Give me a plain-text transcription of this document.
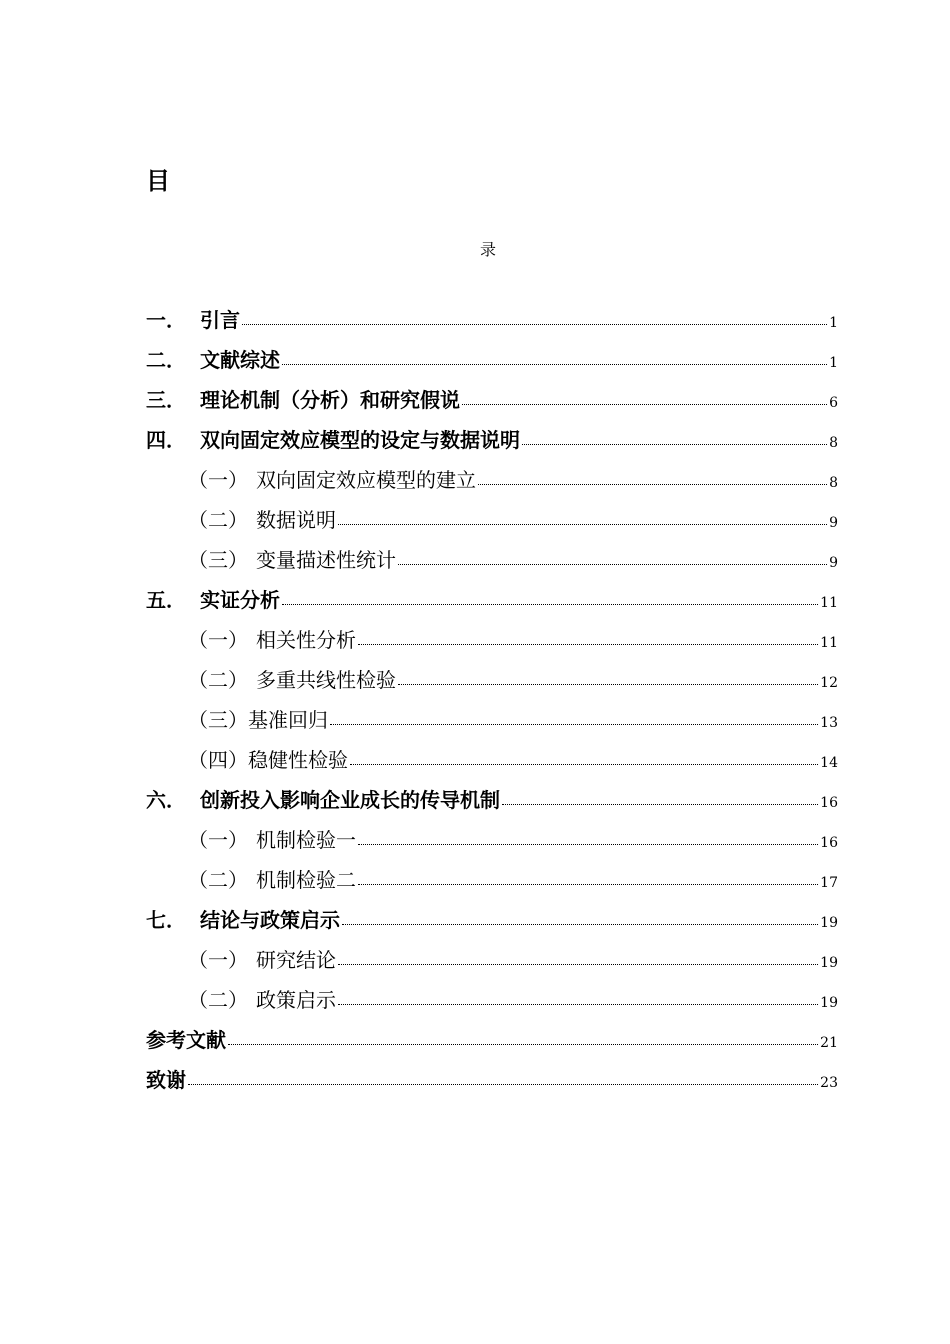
目
录
一． 引言	1
二． 文献综述	1
三． 理论机制（分析）和研究假说	6
四． 双向固定效应模型的设定与数据说明	8
（一） 双向固定效应模型的建立	8
（二） 数据说明	9
（三） 变量描述性统计	9
五． 实证分析	11
（一） 相关性分析	11
（二） 多重共线性检验	12
（三） 基准回归	13
（四） 稳健性检验	14
六． 创新投入影响企业成长的传导机制	16
（一） 机制检验一	16
（二） 机制检验二	17
七． 结论与政策启示	19
（一） 研究结论	19
（二） 政策启示	19
参考文献	21
致谢	23
